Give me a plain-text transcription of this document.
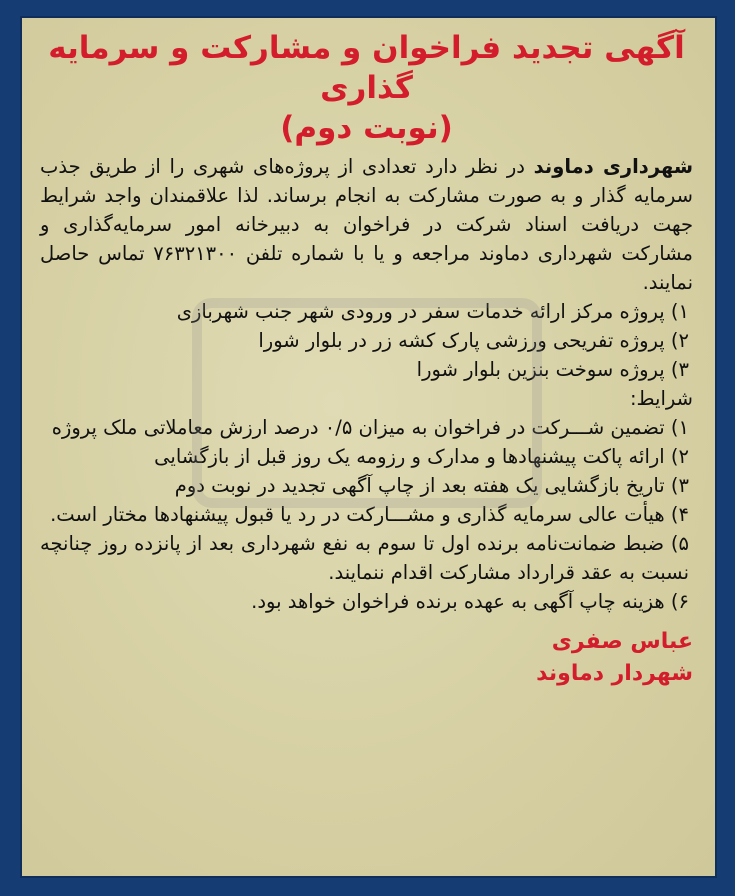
آگهی تجدید فراخوان و مشارکت و سرمایه گذاری
(نوبت دوم)

شهرداری دماوند در نظر دارد تعدادی از پروژه‌های شهری را از طریق جذب سرمایه گذار و به صورت مشارکت به انجام برساند. لذا علاقمندان واجد شرایط جهت دریافت اسناد شرکت در فراخوان به دبیرخانه امور سرمایه‌گذاری و مشارکت شهرداری دماوند مراجعه و یا با شماره تلفن ۷۶۳۲۱۳۰۰ تماس حاصل نمایند.

۱) پروژه مرکز ارائه خدمات سفر در ورودی شهر جنب شهربازی

۲) پروژه تفریحی ورزشی پارک کشه زر در بلوار شورا

۳) پروژه سوخت بنزین بلوار شورا

شرایط:

۱) تضمین شـــرکت در فراخوان به میزان ۰/۵ درصد ارزش معاملاتی ملک پروژه

۲) ارائه پاکت پیشنهادها و مدارک و رزومه یک روز قبل از بازگشایی

۳) تاریخ بازگشایی یک هفته بعد از چاپ آگهی تجدید در نوبت دوم

۴) هیأت عالی سرمایه گذاری و مشـــارکت در رد یا قبول پیشنهادها مختار است.

۵) ضبط ضمانت‌نامه برنده اول تا سوم به نفع شهرداری بعد از پانزده روز چنانچه نسبت به عقد قرارداد مشارکت اقدام ننمایند.

۶) هزینه چاپ آگهی به عهده برنده فراخوان خواهد بود.

عباس صفری
شهردار دماوند
